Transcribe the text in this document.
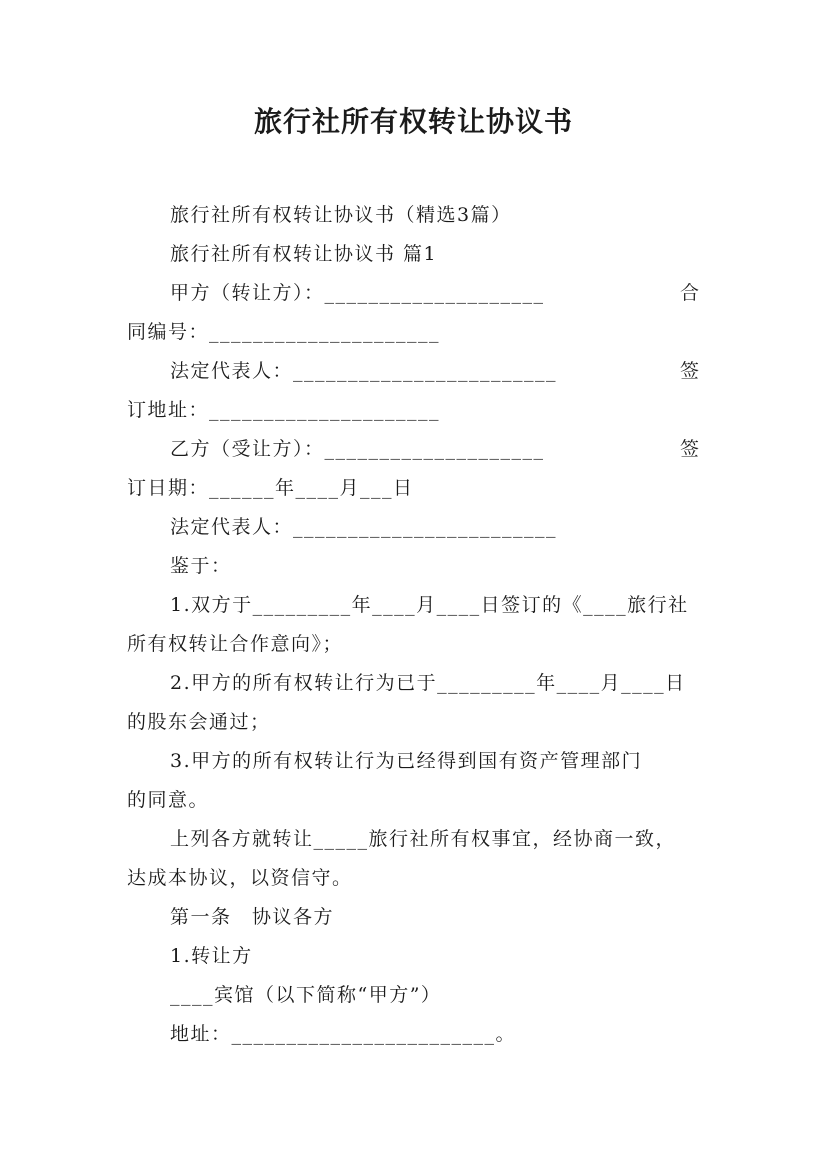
旅行社所有权转让协议书
旅行社所有权转让协议书（精选3篇）
旅行社所有权转让协议书 篇1
甲方（转让方）：____________________	合
同编号：_____________________
法定代表人：________________________	签
订地址：_____________________
乙方（受让方）：____________________	签
订日期：______年____月___日
法定代表人：________________________
鉴于：
1.双方于_________年____月____日签订的《____旅行社
所有权转让合作意向》；
2.甲方的所有权转让行为已于_________年____月____日
的股东会通过；
3.甲方的所有权转让行为已经得到国有资产管理部门
的同意。
上列各方就转让_____旅行社所有权事宜，经协商一致，
达成本协议，以资信守。
第一条　协议各方
1.转让方
____宾馆（以下简称“甲方”）
地址：________________________。
